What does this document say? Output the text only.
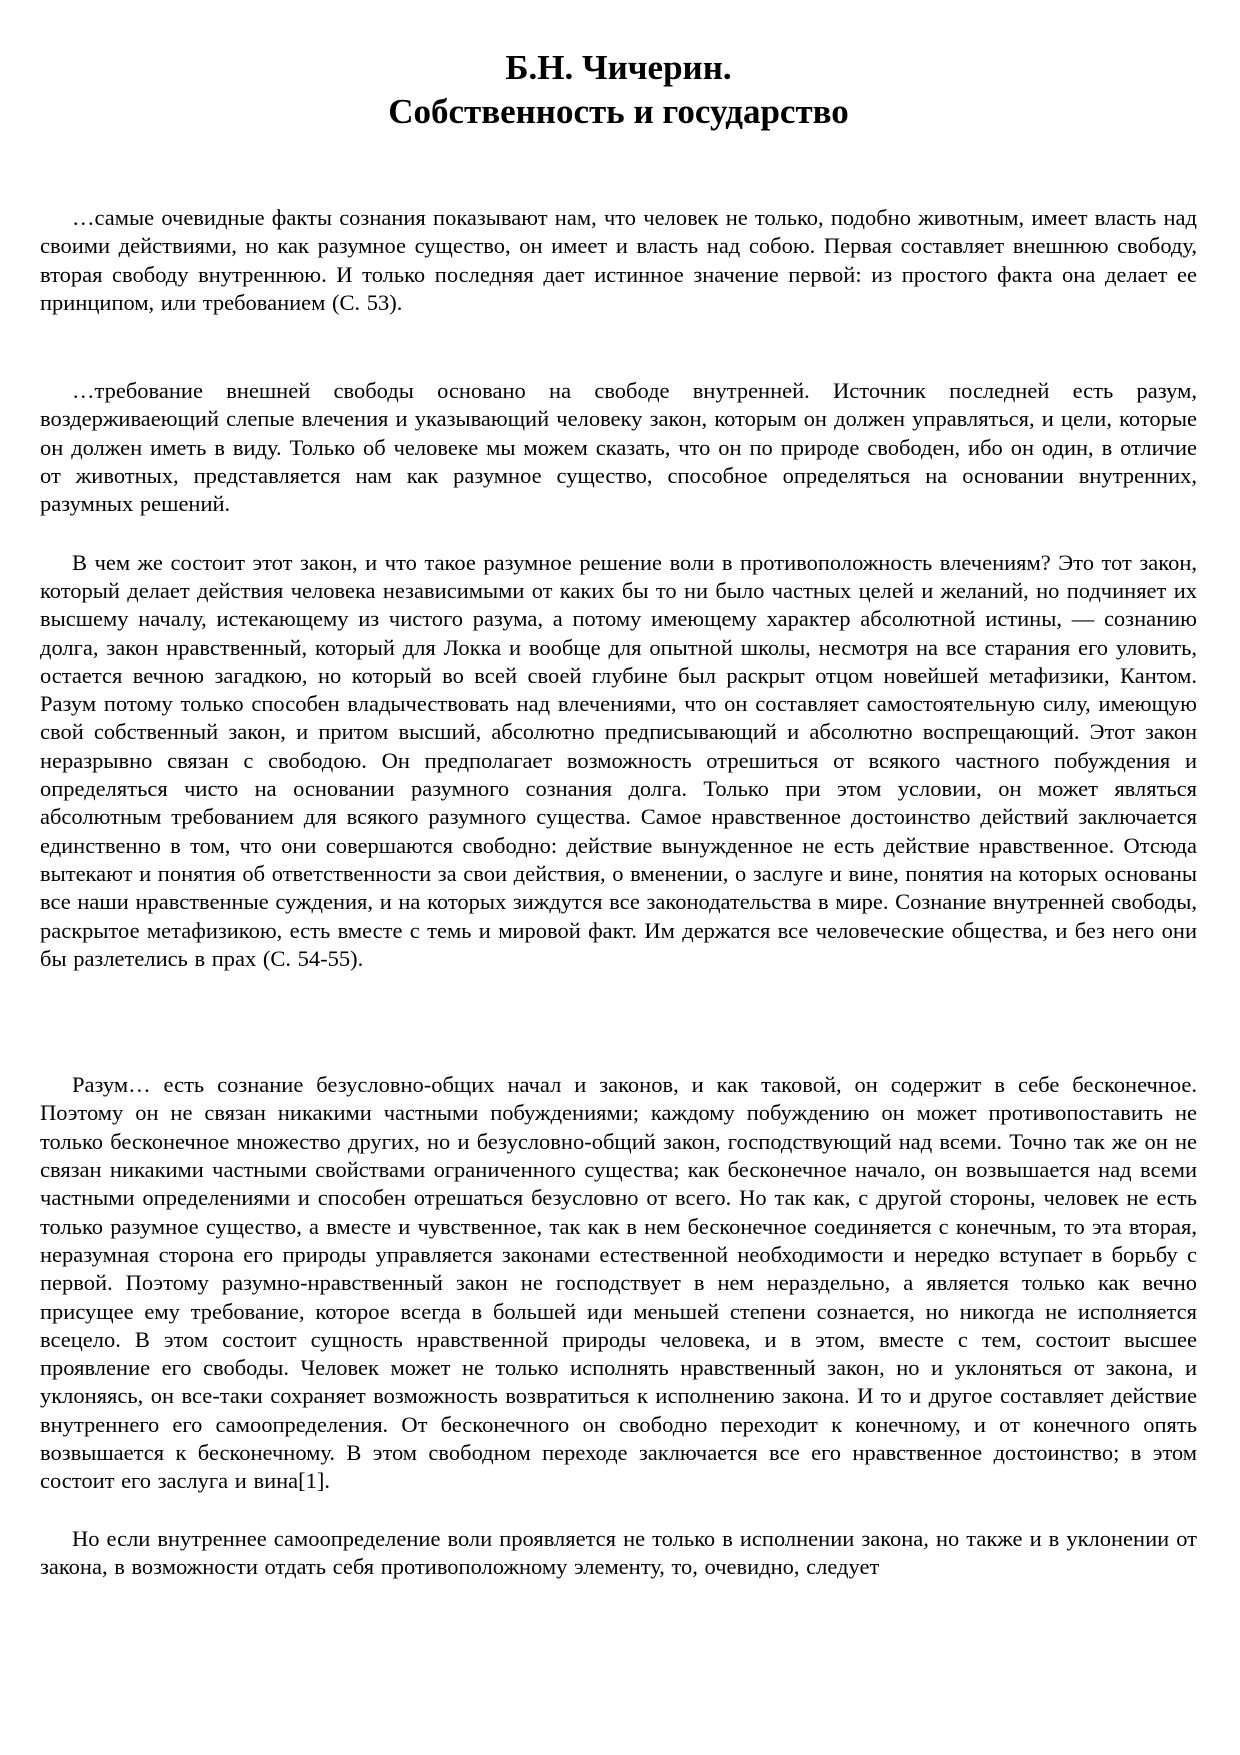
Б.Н. Чичерин.
Собственность и государство

…самые очевидные факты сознания показывают нам, что человек не только, подобно животным, имеет власть над своими действиями, но как разумное существо, он имеет и власть над собою. Первая составляет внешнюю свободу, вторая свободу внутреннюю. И только последняя дает истинное значение первой: из простого факта она делает ее принципом, или требованием (С. 53).

…требование внешней свободы основано на свободе внутренней. Источник последней есть разум, воздерживаеющий слепые влечения и указывающий человеку закон, которым он должен управляться, и цели, которые он должен иметь в виду. Только об человеке мы можем сказать, что он по природе свободен, ибо он один, в отличие от животных, представляется нам как разумное существо, способное определяться на основании внутренних, разумных решений.

В чем же состоит этот закон, и что такое разумное решение воли в противоположность влечениям? Это тот закон, который делает действия человека независимыми от каких бы то ни было частных целей и желаний, но подчиняет их высшему началу, истекающему из чистого разума, а потому имеющему характер абсолютной истины, — сознанию долга, закон нравственный, который для Локка и вообще для опытной школы, несмотря на все старания его уловить, остается вечною загадкою, но который во всей своей глубине был раскрыт отцом новейшей метафизики, Кантом. Разум потому только способен владычествовать над влечениями, что он составляет самостоятельную силу, имеющую свой собственный закон, и притом высший, абсолютно предписывающий и абсолютно воспрещающий. Этот закон неразрывно связан с свободою. Он предполагает возможность отрешиться от всякого частного побуждения и определяться чисто на основании разумного сознания долга. Только при этом условии, он может являться абсолютным требованием для всякого разумного существа. Самое нравственное достоинство действий заключается единственно в том, что они совершаются свободно: действие вынужденное не есть действие нравственное. Отсюда вытекают и понятия об ответственности за свои действия, о вменении, о заслуге и вине, понятия на которых основаны все наши нравственные суждения, и на которых зиждутся все законодательства в мире. Сознание внутренней свободы, раскрытое метафизикою, есть вместе с темь и мировой факт. Им держатся все человеческие общества, и без него они бы разлетелись в прах (С. 54-55).

Разум… есть сознание безусловно-общих начал и законов, и как таковой, он содержит в себе бесконечное. Поэтому он не связан никакими частными побуждениями; каждому побуждению он может противопоставить не только бесконечное множество других, но и безусловно-общий закон, господствующий над всеми. Точно так же он не связан никакими частными свойствами ограниченного существа; как бесконечное начало, он возвышается над всеми частными определениями и способен отрешаться безусловно от всего. Но так как, с другой стороны, человек не есть только разумное существо, а вместе и чувственное, так как в нем бесконечное соединяется с конечным, то эта вторая, неразумная сторона его природы управляется законами естественной необходимости и нередко вступает в борьбу с первой. Поэтому разумно-нравственный закон не господствует в нем нераздельно, а является только как вечно присущее ему требование, которое всегда в большей иди меньшей степени сознается, но никогда не исполняется всецело. В этом состоит сущность нравственной природы человека, и в этом, вместе с тем, состоит высшее проявление его свободы. Человек может не только исполнять нравственный закон, но и уклоняться от закона, и уклоняясь, он все-таки сохраняет возможность возвратиться к исполнению закона. И то и другое составляет действие внутреннего его самоопределения. От бесконечного он свободно переходит к конечному, и от конечного опять возвышается к бесконечному. В этом свободном переходе заключается все его нравственное достоинство; в этом состоит его заслуга и вина[1].

Но если внутреннее самоопределение воли проявляется не только в исполнении закона, но также и в уклонении от закона, в возможности отдать себя противоположному элементу, то, очевидно, следует
